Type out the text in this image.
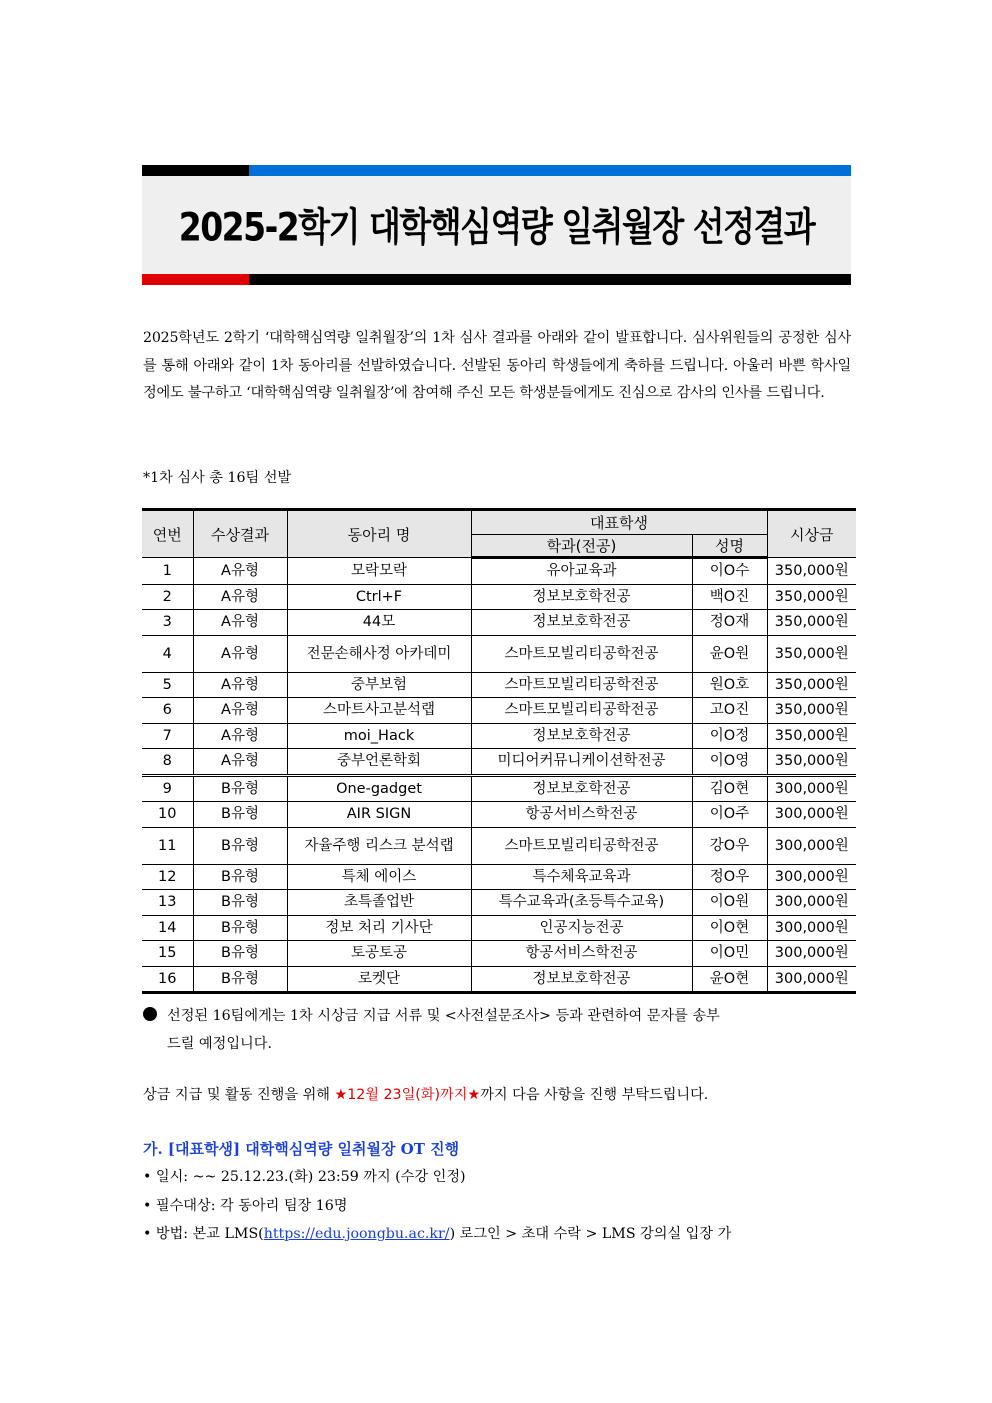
2025-2학기 대학핵심역량 일취월장 선정결과

2025학년도 2학기 ‘대학핵심역량 일취월장’의 1차 심사 결과를 아래와 같이 발표합니다. 심사위원들의 공정한 심사를 통해 아래와 같이 1차 동아리를 선발하였습니다. 선발된 동아리 학생들에게 축하를 드립니다. 아울러 바쁜 학사일정에도 불구하고 ‘대학핵심역량 일취월장’에 참여해 주신 모든 학생분들에게도 진심으로 감사의 인사를 드립니다.

*1차 심사 총 16팀 선발
연번	수상결과	동아리 명	대표학생		시상금
			학과(전공)	성명	
1	A유형	모락모락	유아교육과	이O수	350,000원
2	A유형	Ctrl+F	정보보호학전공	백O진	350,000원
3	A유형	44모	정보보호학전공	정O재	350,000원
4	A유형	전문손해사정 아카데미	스마트모빌리티공학전공	윤O원	350,000원
5	A유형	중부보험	스마트모빌리티공학전공	원O호	350,000원
6	A유형	스마트사고분석랩	스마트모빌리티공학전공	고O진	350,000원
7	A유형	moi_Hack	정보보호학전공	이O정	350,000원
8	A유형	중부언론학회	미디어커뮤니케이션학전공	이O영	350,000원
9	B유형	One-gadget	정보보호학전공	김O현	300,000원
10	B유형	AIR SIGN	항공서비스학전공	이O주	300,000원
11	B유형	자율주행 리스크 분석랩	스마트모빌리티공학전공	강O우	300,000원
12	B유형	특체 에이스	특수체육교육과	정O우	300,000원
13	B유형	초특졸업반	특수교육과(초등특수교육)	이O원	300,000원
14	B유형	정보 처리 기사단	인공지능전공	이O현	300,000원
15	B유형	토공토공	항공서비스학전공	이O민	300,000원
16	B유형	로켓단	정보보호학전공	윤O현	300,000원
선정된 16팀에게는 1차 시상금 지급 서류 및 <사전설문조사> 등과 관련하여 문자를 송부
드릴 예정입니다.
상금 지급 및 활동 진행을 위해 ★12월 23일(화)까지★까지 다음 사항을 진행 부탁드립니다.
가. [대표학생] 대학핵심역량 일취월장 OT 진행
• 일시: ~~ 25.12.23.(화) 23:59 까지 (수강 인정)
• 필수대상: 각 동아리 팀장 16명
• 방법: 본교 LMS(https://edu.joongbu.ac.kr/) 로그인 > 초대 수락 > LMS 강의실 입장 가
